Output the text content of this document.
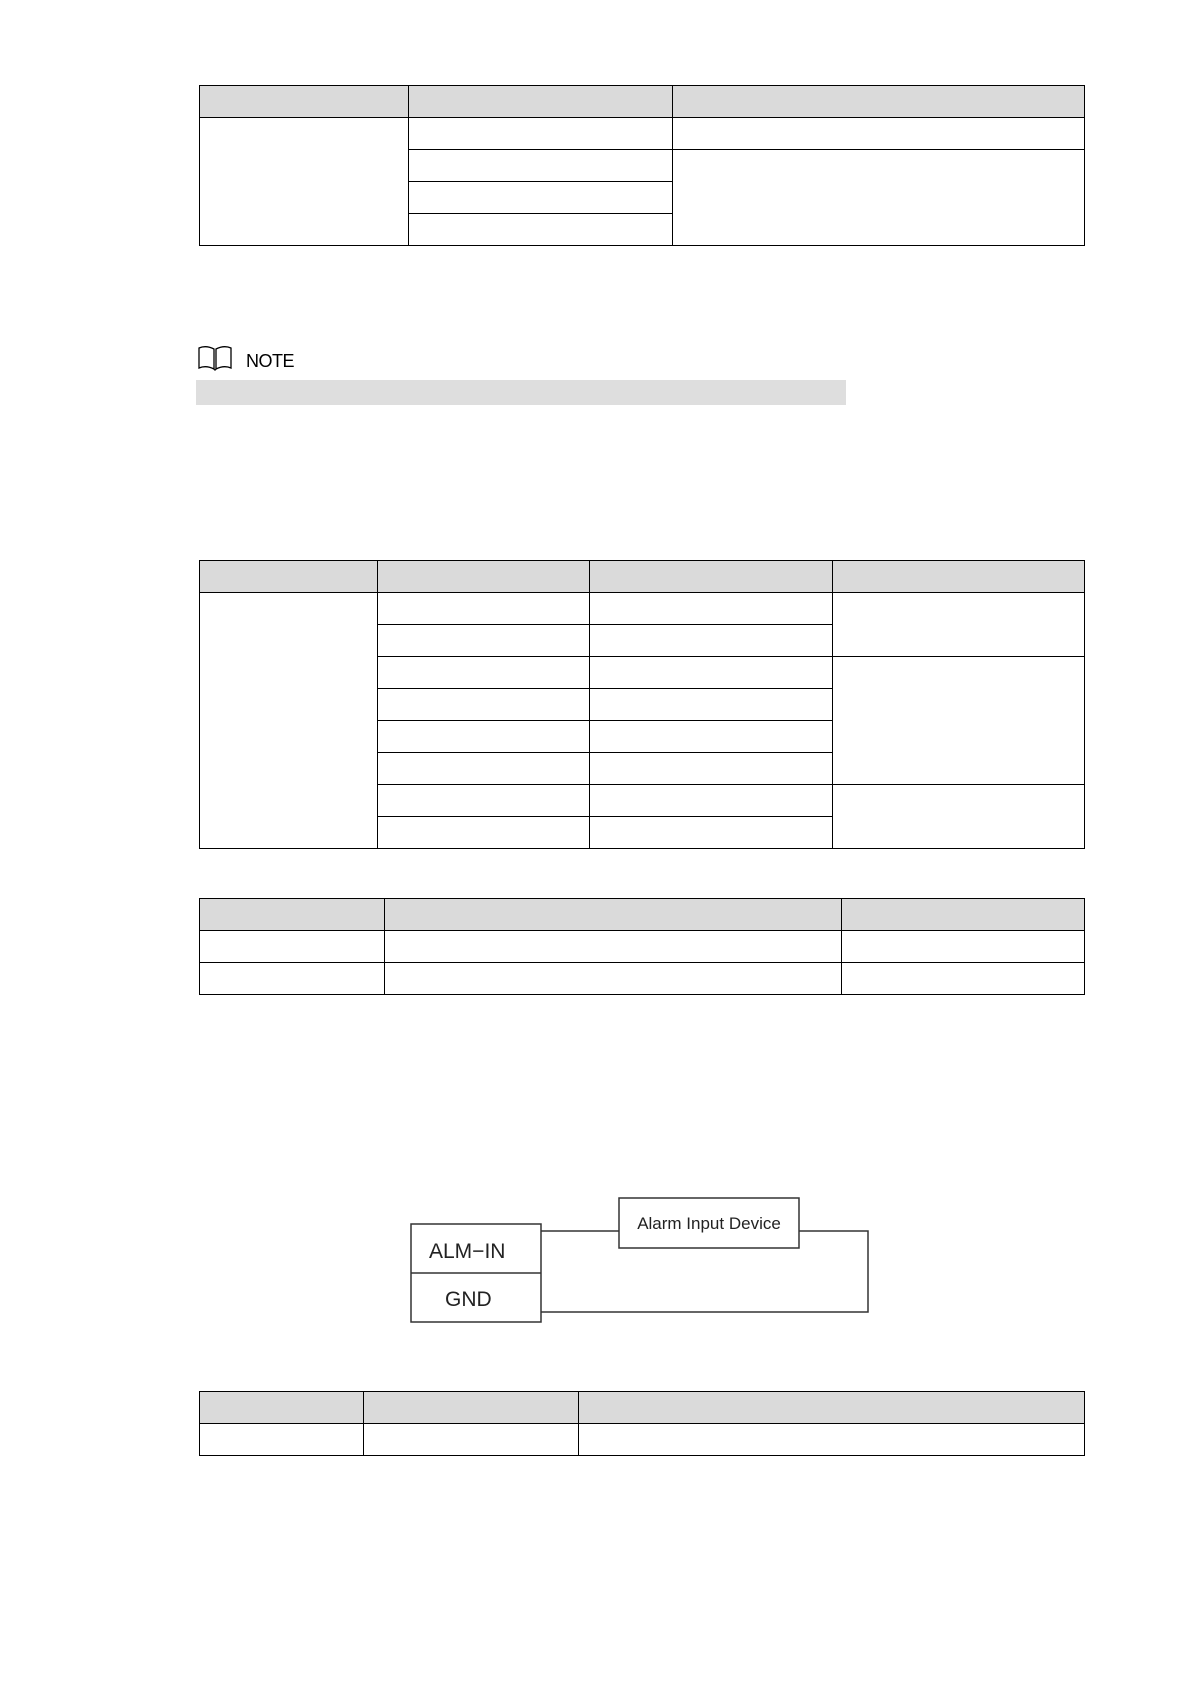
NOTE

ALM−IN
GND
Alarm Input Device
